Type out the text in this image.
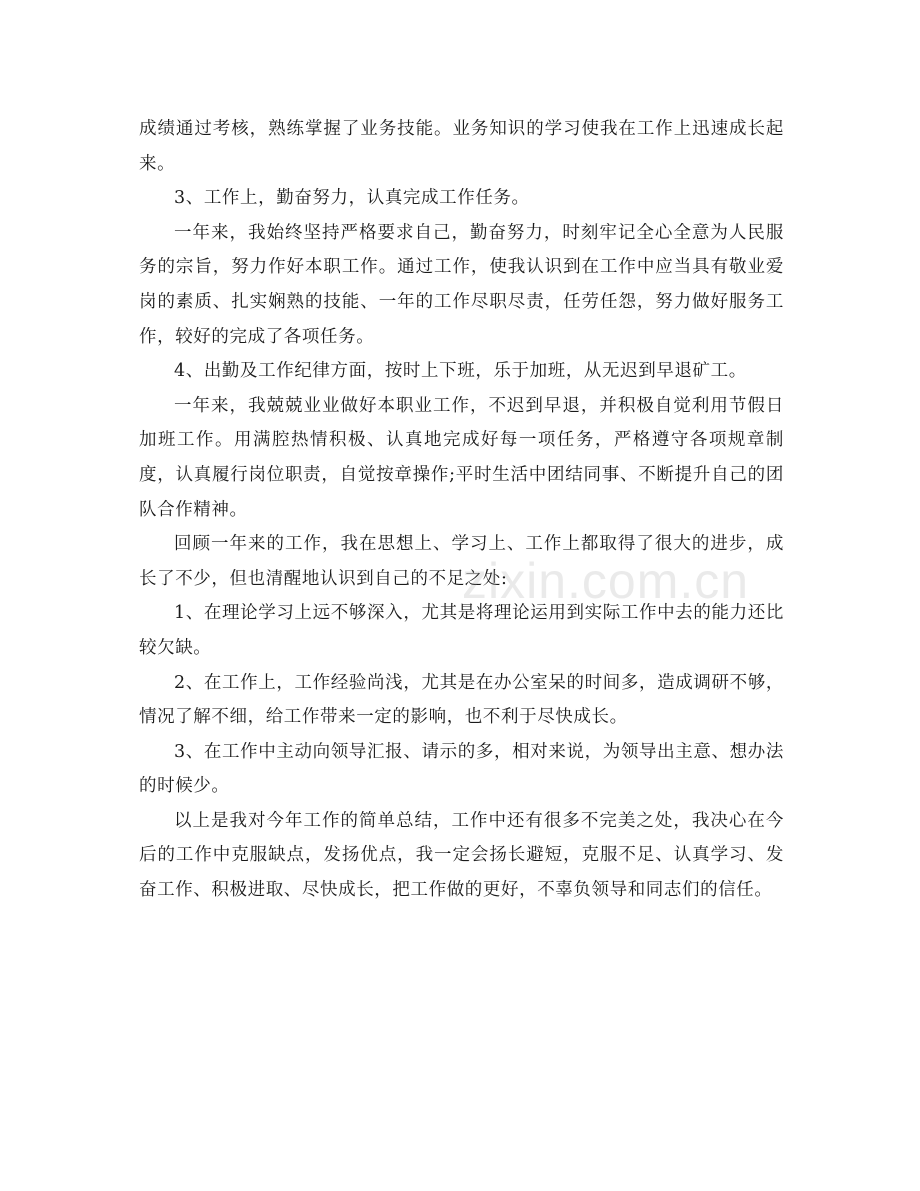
成绩通过考核，熟练掌握了业务技能。业务知识的学习使我在工作上迅速成长起来。

3、工作上，勤奋努力，认真完成工作任务。

一年来，我始终坚持严格要求自己，勤奋努力，时刻牢记全心全意为人民服务的宗旨，努力作好本职工作。通过工作，使我认识到在工作中应当具有敬业爱岗的素质、扎实娴熟的技能、一年的工作尽职尽责，任劳任怨，努力做好服务工作，较好的完成了各项任务。

4、出勤及工作纪律方面，按时上下班，乐于加班，从无迟到早退矿工。

一年来，我兢兢业业做好本职业工作，不迟到早退，并积极自觉利用节假日加班工作。用满腔热情积极、认真地完成好每一项任务，严格遵守各项规章制度，认真履行岗位职责，自觉按章操作;平时生活中团结同事、不断提升自己的团队合作精神。

回顾一年来的工作，我在思想上、学习上、工作上都取得了很大的进步，成长了不少，但也清醒地认识到自己的不足之处:

1、在理论学习上远不够深入，尤其是将理论运用到实际工作中去的能力还比较欠缺。

2、在工作上，工作经验尚浅，尤其是在办公室呆的时间多，造成调研不够，情况了解不细，给工作带来一定的影响，也不利于尽快成长。

3、在工作中主动向领导汇报、请示的多，相对来说，为领导出主意、想办法的时候少。

以上是我对今年工作的简单总结，工作中还有很多不完美之处，我决心在今后的工作中克服缺点，发扬优点，我一定会扬长避短，克服不足、认真学习、发奋工作、积极进取、尽快成长，把工作做的更好，不辜负领导和同志们的信任。

zixin.com.cn
